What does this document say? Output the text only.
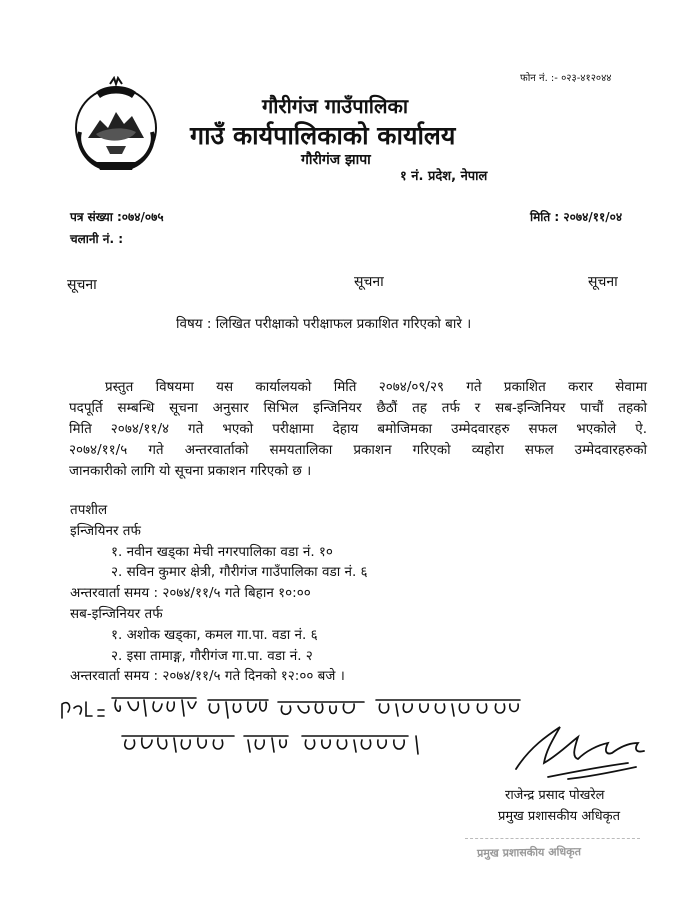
फोन नं. :- ०२३-४१२०४४
गौरीगंज गाउँपालिका
गाउँ कार्यपालिकाको कार्यालय
गौरीगंज झापा
१ नं. प्रदेश, नेपाल
पत्र संख्या :०७४/०७५
चलानी नं. :
मिति : २०७४/११/०४
सूचना	सूचना	सूचना
विषय : लिखित परीक्षाको परीक्षाफल प्रकाशित गरिएको बारे ।
प्रस्तुत विषयमा यस कार्यालयको मिति २०७४/०९/२९ गते प्रकाशित करार सेवामा
पदपूर्ति सम्बन्धि सूचना अनुसार सिभिल इन्जिनियर छैठौं तह तर्फ र सब-इन्जिनियर पाचौं तहको
मिति २०७४/११/४ गते भएको परीक्षामा देहाय बमोजिमका उम्मेदवारहरु सफल भएकोले ऐ.
२०७४/११/५ गते अन्तरवार्ताको समयतालिका प्रकाशन गरिएको व्यहोरा सफल उम्मेदवारहरुको
जानकारीको लागि यो सूचना प्रकाशन गरिएको छ ।
तपशील
इन्जियिनर तर्फ
१. नवीन खड्का मेची नगरपालिका वडा नं. १०
२. सविन कुमार क्षेत्री, गौरीगंज गाउँपालिका वडा नं. ६
अन्तरवार्ता समय : २०७४/११/५ गते बिहान १०:००
सब-इन्जिनियर तर्फ
१. अशोक खड्का, कमल गा.पा. वडा नं. ६
२. इसा तामाङ्ग, गौरीगंज गा.पा. वडा नं. २
अन्तरवार्ता समय : २०७४/११/५ गते दिनको १२:०० बजे ।
राजेन्द्र प्रसाद पोखरेल
प्रमुख प्रशासकीय अधिकृत
प्रमुख प्रशासकीय अधिकृत
